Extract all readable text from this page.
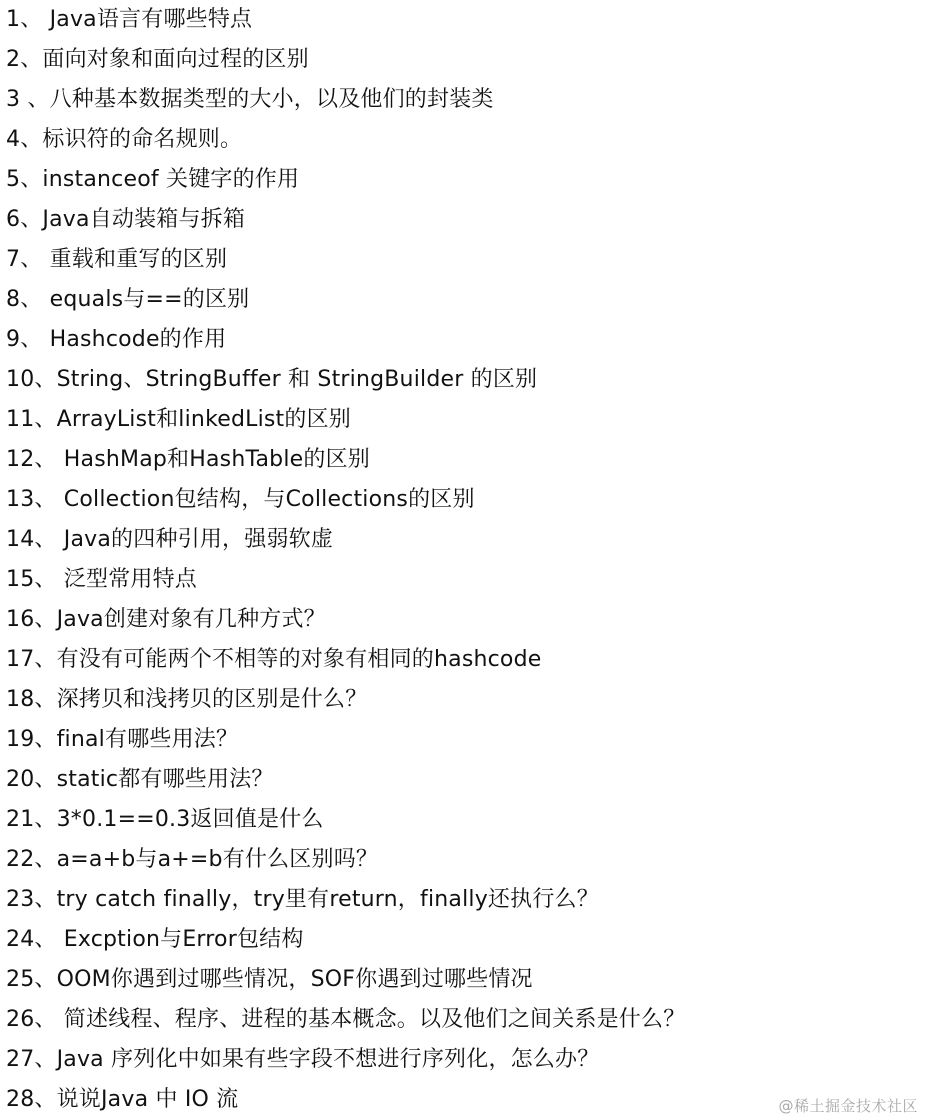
1、 Java语言有哪些特点
2、面向对象和面向过程的区别
3 、八种基本数据类型的大小，以及他们的封装类
4、标识符的命名规则。
5、instanceof 关键字的作用
6、Java自动装箱与拆箱
7、 重载和重写的区别
8、 equals与==的区别
9、 Hashcode的作用
10、String、StringBuffer 和 StringBuilder 的区别
11、ArrayList和linkedList的区别
12、 HashMap和HashTable的区别
13、 Collection包结构，与Collections的区别
14、 Java的四种引用，强弱软虚
15、 泛型常用特点
16、Java创建对象有几种方式？
17、有没有可能两个不相等的对象有相同的hashcode
18、深拷贝和浅拷贝的区别是什么？
19、final有哪些用法？
20、static都有哪些用法？
21、3*0.1==0.3返回值是什么
22、a=a+b与a+=b有什么区别吗？
23、try catch finally，try里有return，finally还执行么？
24、 Excption与Error包结构
25、OOM你遇到过哪些情况，SOF你遇到过哪些情况
26、 简述线程、程序、进程的基本概念。以及他们之间关系是什么？
27、Java 序列化中如果有些字段不想进行序列化，怎么办？
28、说说Java 中 IO 流	@稀土掘金技术社区
